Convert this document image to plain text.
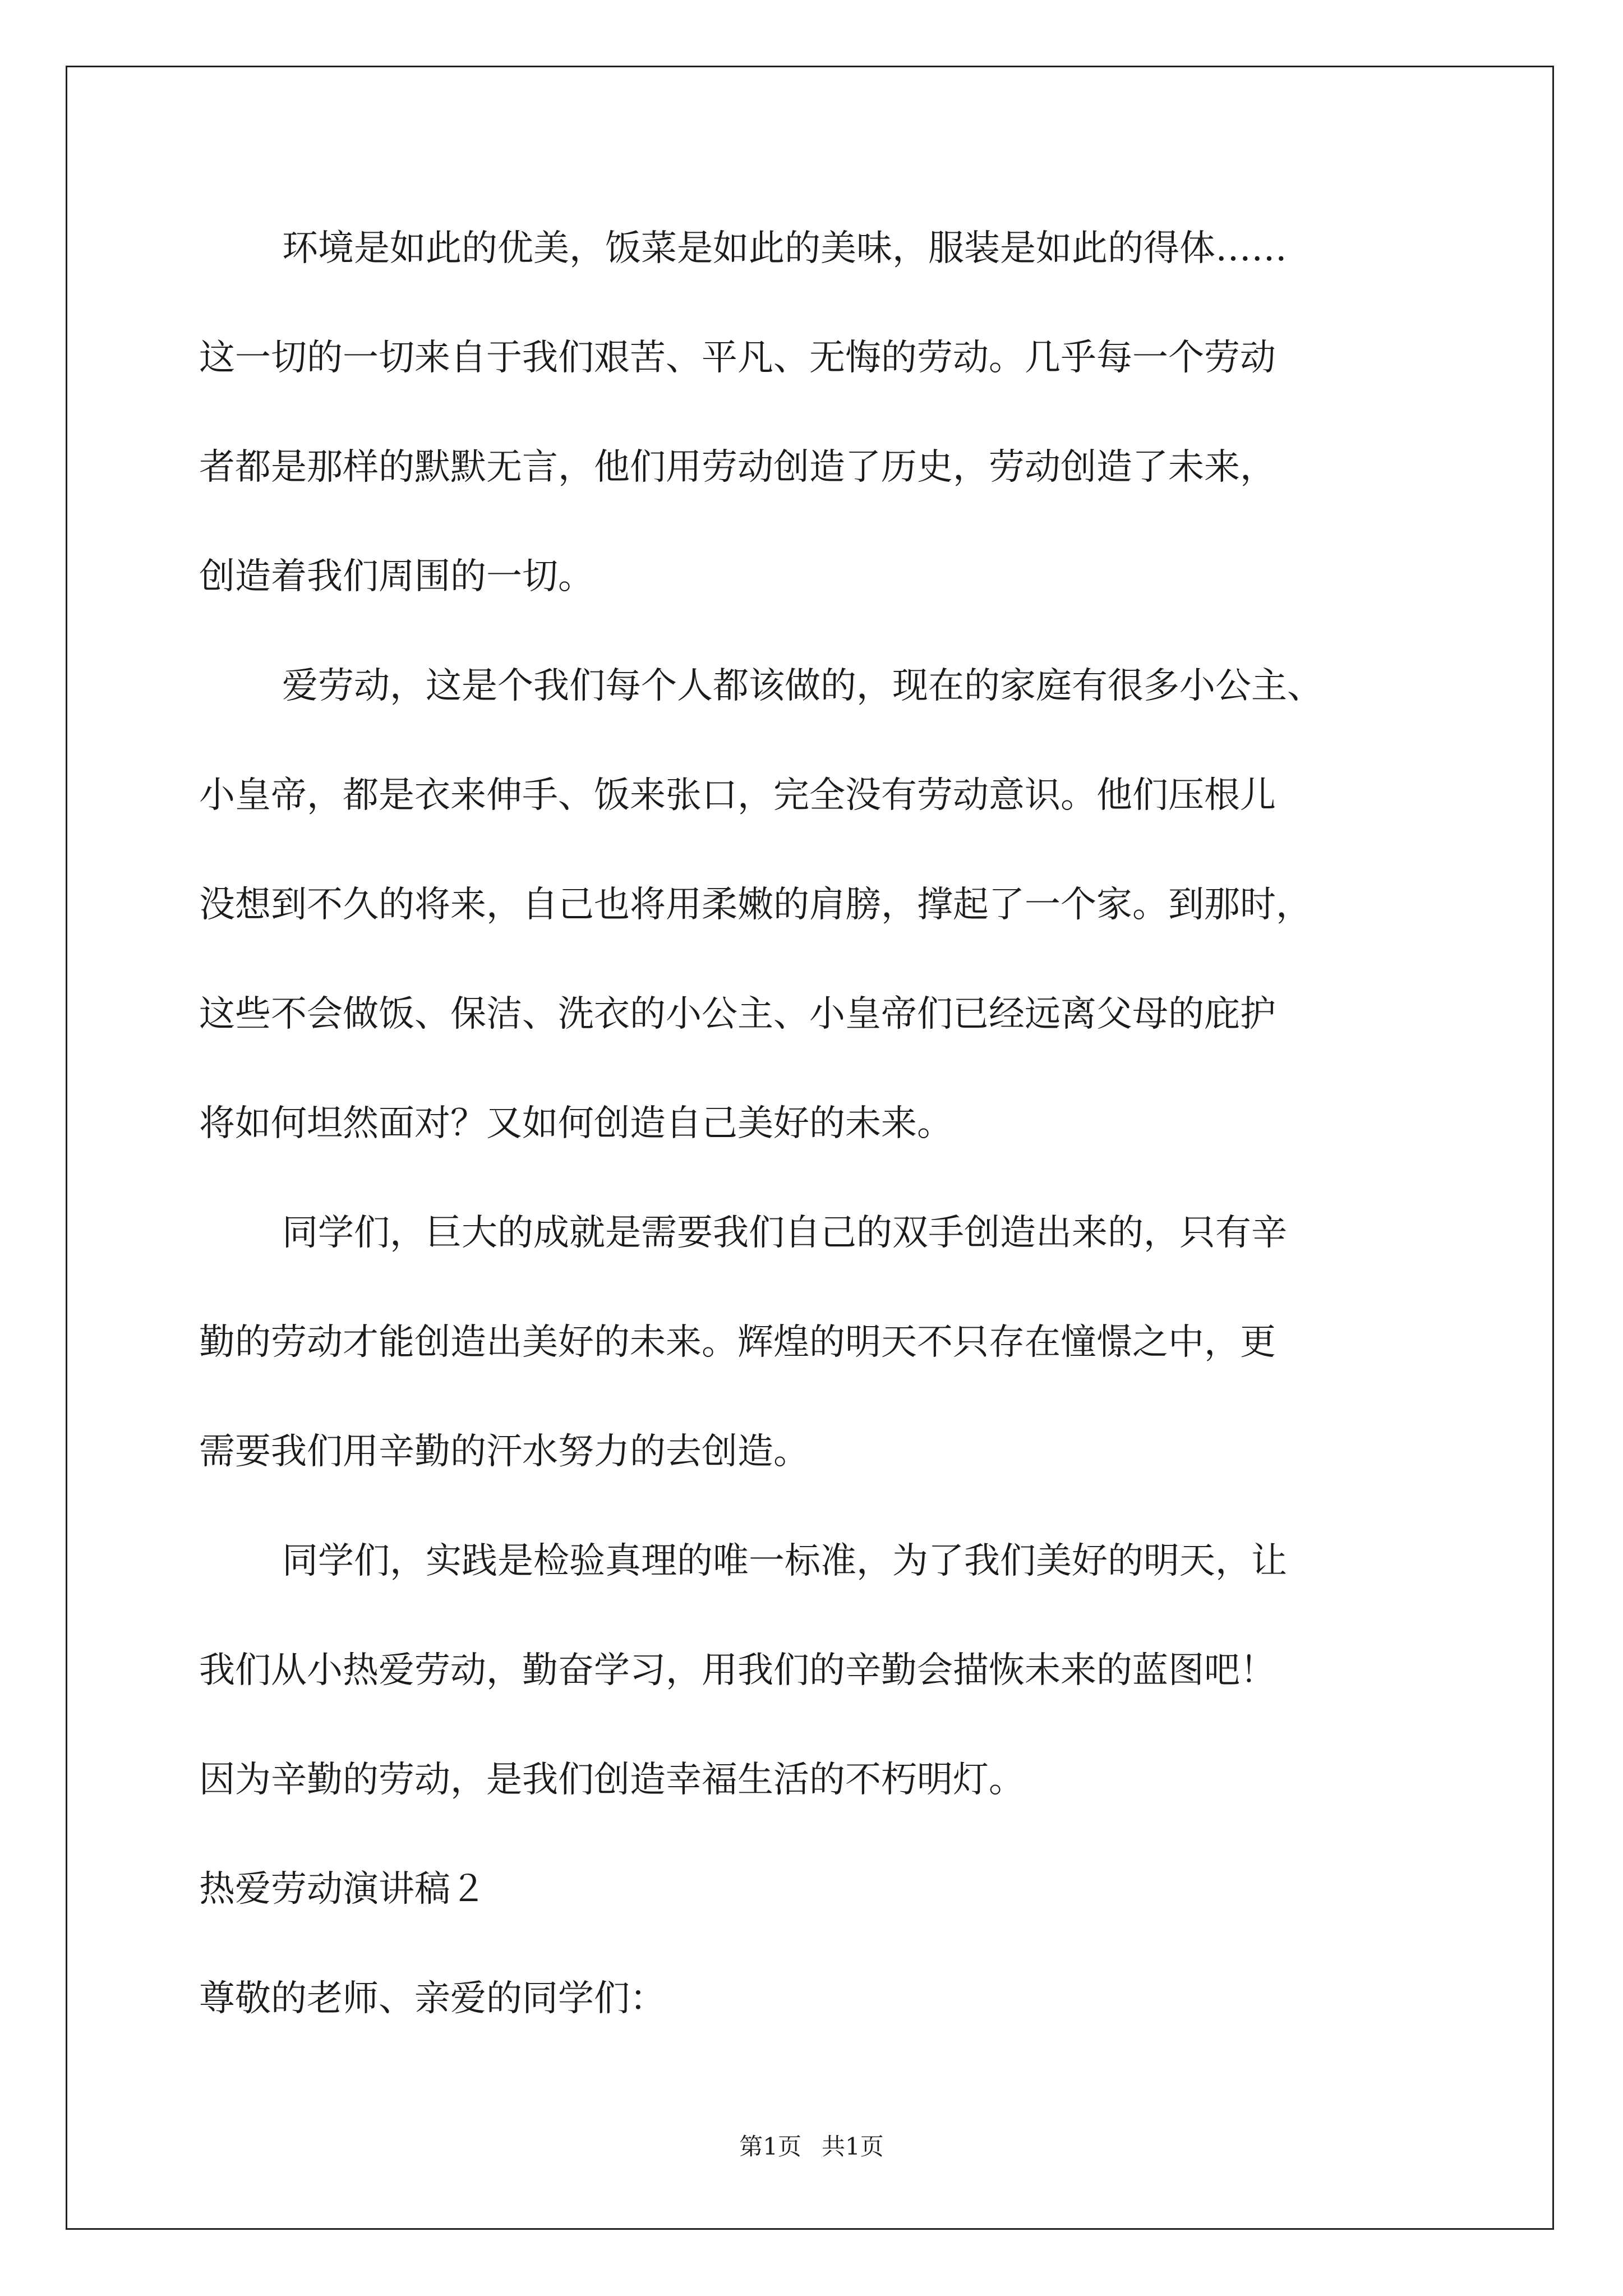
环境是如此的优美，饭菜是如此的美味，服装是如此的得体……
这一切的一切来自于我们艰苦、平凡、无悔的劳动。几乎每一个劳动
者都是那样的默默无言，他们用劳动创造了历史，劳动创造了未来，
创造着我们周围的一切。
爱劳动，这是个我们每个人都该做的，现在的家庭有很多小公主、
小皇帝，都是衣来伸手、饭来张口，完全没有劳动意识。他们压根儿
没想到不久的将来，自己也将用柔嫩的肩膀，撑起了一个家。到那时，
这些不会做饭、保洁、洗衣的小公主、小皇帝们已经远离父母的庇护
将如何坦然面对？又如何创造自己美好的未来。
同学们，巨大的成就是需要我们自己的双手创造出来的，只有辛
勤的劳动才能创造出美好的未来。辉煌的明天不只存在憧憬之中，更
需要我们用辛勤的汗水努力的去创造。
同学们，实践是检验真理的唯一标准，为了我们美好的明天，让
我们从小热爱劳动，勤奋学习，用我们的辛勤会描恢未来的蓝图吧！
因为辛勤的劳动，是我们创造幸福生活的不朽明灯。
热爱劳动演讲稿２
尊敬的老师、亲爱的同学们：
第1页 共1页
